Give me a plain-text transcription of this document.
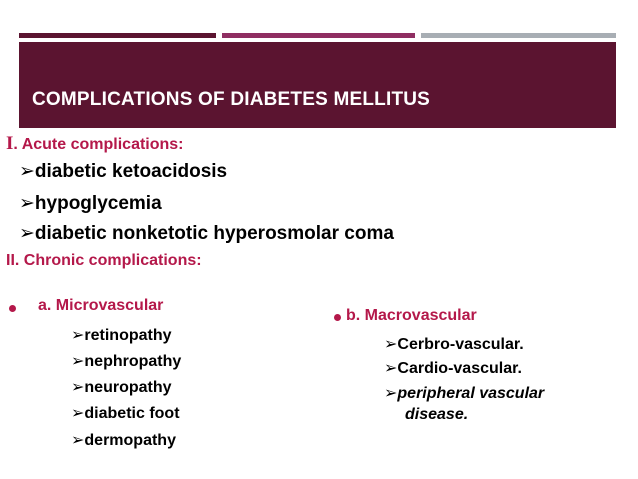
COMPLICATIONS OF DIABETES MELLITUS
I. Acute complications:
➢diabetic ketoacidosis
➢hypoglycemia
➢diabetic nonketotic hyperosmolar coma
II. Chronic complications:
a. Microvascular
➢retinopathy
➢nephropathy
➢neuropathy
➢diabetic foot
➢dermopathy
b. Macrovascular
➢Cerbro-vascular.
➢Cardio-vascular.
➢peripheral vascular
disease.
